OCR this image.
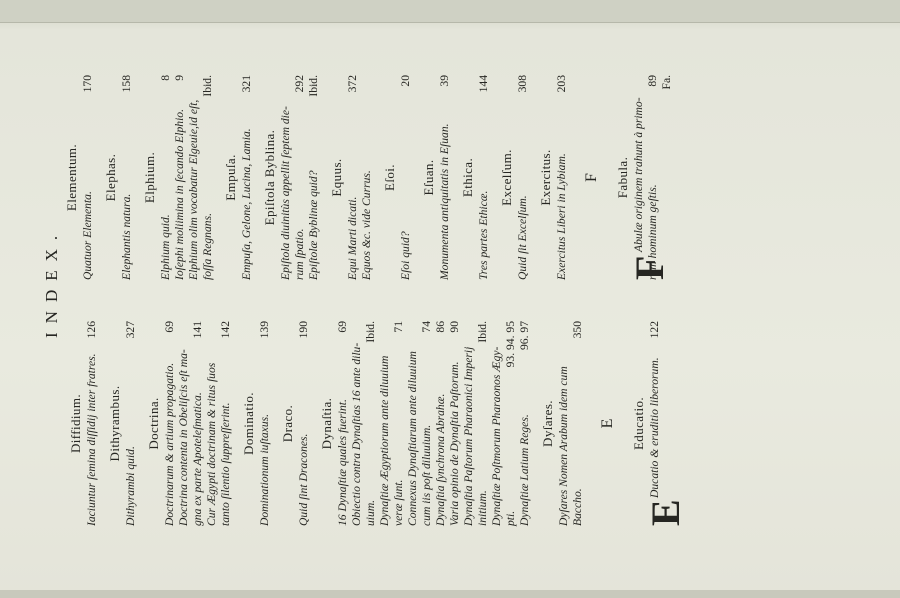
INDEX.
Diffidium. Iaciuntur ſemina diſſidij inter fratres.
126
Dithyrambus.
Dithyrambi quid.
327
Doctrina. Doctrinarum & artium propagatio.
69
Doctrina contenta in Obeliſcis eſt ma- gna ex parte Apoteleſmatica.
141
Cur Ægypti doctrinam & ritus ſuos tanto ſilentio ſuppreſſerint.
142
Dominatio. Dominationum iuſtaxus.
139
Draco.
Quid ſint Dracones.
190
Dynaſtia. 16 Dynaſtiæ quales fuerint.
69
Obiectio contra Dynaſtias 16 ante dilu- uium.
Ibid.
Dynaſtiæ Ægyptiorum ante diluuium veræ ſunt.
71
Connexus Dynaſtiarum ante diluuium cum iis poſt diluuium.
74
Dynaſtia ſynchrona Abrahæ.
86
Varia opinio de Dynaſtia Paſtorum.
90
Dynaſtia Paſtorum Pharaonici Imperij initium.
Ibid.
Dynaſtiæ Poſtmorum Pharaonos Ægy- pti.
93. 94. 95
Dynaſtiæ Latium Reges.
96. 97
Dyſares. Dyſares Nomen Arabum idem cum Baccho.
350
E Educatio.
E
Ducatio & eruditio liberorum.
122
Elementum.
Quatuor Elementa.
170
Elephas.
Elephantis natura.
158
Elphium.
Elphium quid.
8
Ioſephi moliimina in ſecando Elphio.
9
Elphium olim vocabatur Elgeuie,id eſt, foſſa Regnans.
Ibid.
Empuſa. Empuſa, Gelone, Lucina, Lamia.
321
Epiſtola Byblina. Epiſtola diuinitùs appellit ſeptem die- rum ſpatio.
292
Epiſtolæ Byblinæ quid?
Ibid.
Equus.
Equi Marti dicati.
372
Equos &c. vide Currus. Eſoi.
Eſoi quid?
20
Eſuan. Monumenta antiquitatis in Eſuan.
39
Ethica.
Tres partes Ethicæ.
144
Excelſum.
Quid ſit Excelſum.
308
Exercitus. Exercitus Liberi in Lybiam.
203
F Fabula.
F
Abulæ originem trahunt à primo- rum hominum geſtis.
89 Fa.
